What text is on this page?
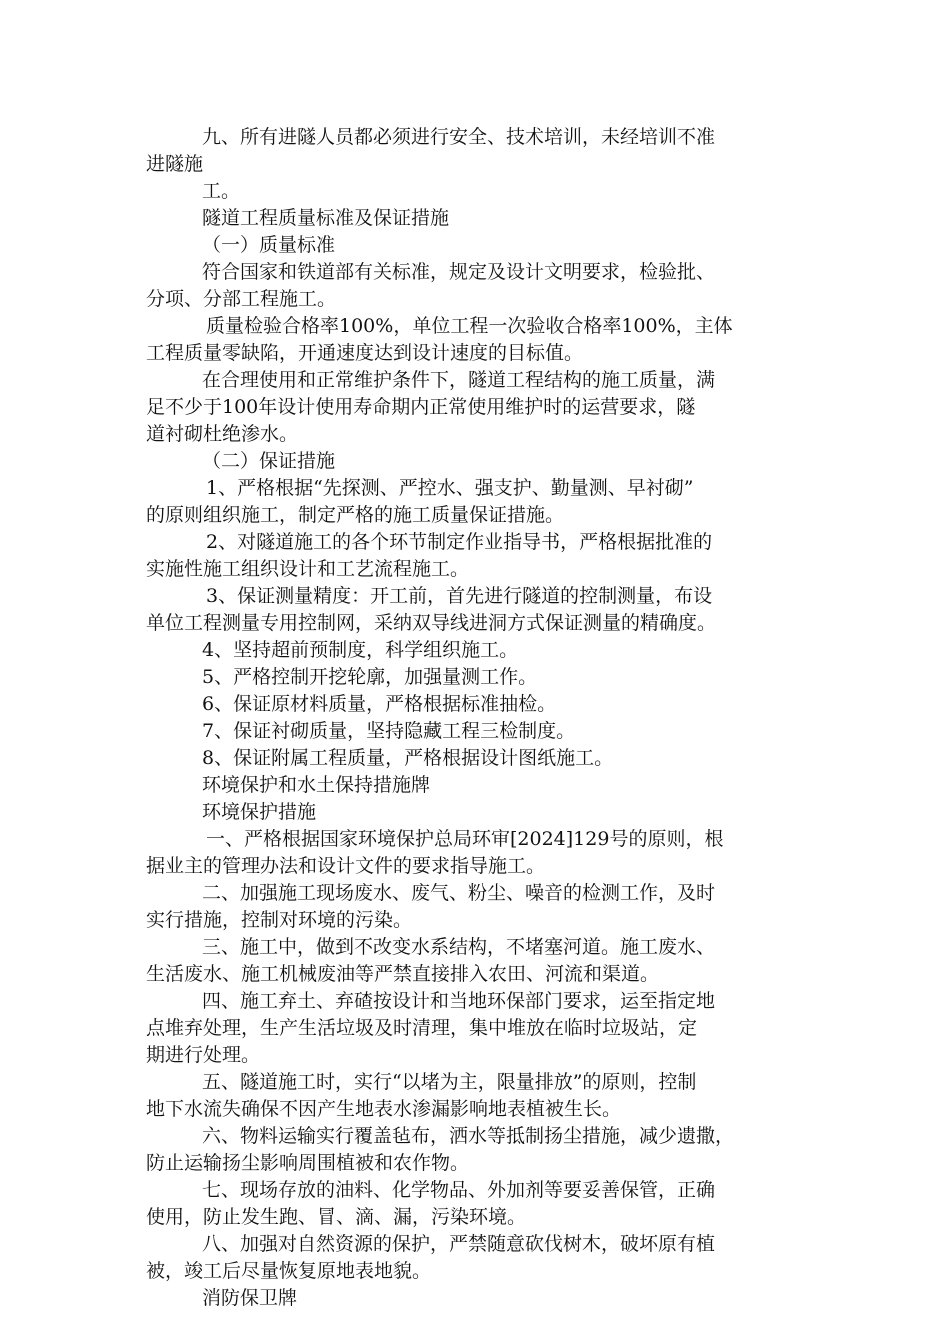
九、所有进隧人员都必须进行安全、技术培训，未经培训不准
进隧施
工。
隧道工程质量标准及保证措施
（一）质量标准
符合国家和铁道部有关标准，规定及设计文明要求，检验批、
分项、分部工程施工。
质量检验合格率100%，单位工程一次验收合格率100%，主体
工程质量零缺陷，开通速度达到设计速度的目标值。
在合理使用和正常维护条件下，隧道工程结构的施工质量，满
足不少于100年设计使用寿命期内正常使用维护时的运营要求，隧
道衬砌杜绝渗水。
（二）保证措施
1、严格根据“先探测、严控水、强支护、勤量测、早衬砌”
的原则组织施工，制定严格的施工质量保证措施。
2、对隧道施工的各个环节制定作业指导书，严格根据批准的
实施性施工组织设计和工艺流程施工。
3、保证测量精度：开工前，首先进行隧道的控制测量，布设
单位工程测量专用控制网，采纳双导线进洞方式保证测量的精确度。
4、坚持超前预制度，科学组织施工。
5、严格控制开挖轮廓，加强量测工作。
6、保证原材料质量，严格根据标准抽检。
7、保证衬砌质量，坚持隐藏工程三检制度。
8、保证附属工程质量，严格根据设计图纸施工。
环境保护和水土保持措施牌
环境保护措施
一、严格根据国家环境保护总局环审[2024]129号的原则，根
据业主的管理办法和设计文件的要求指导施工。
二、加强施工现场废水、废气、粉尘、噪音的检测工作，及时
实行措施，控制对环境的污染。
三、施工中，做到不改变水系结构，不堵塞河道。施工废水、
生活废水、施工机械废油等严禁直接排入农田、河流和渠道。
四、施工弃土、弃碴按设计和当地环保部门要求，运至指定地
点堆弃处理，生产生活垃圾及时清理，集中堆放在临时垃圾站，定
期进行处理。
五、隧道施工时，实行“以堵为主，限量排放”的原则，控制
地下水流失确保不因产生地表水渗漏影响地表植被生长。
六、物料运输实行覆盖毡布，洒水等抵制扬尘措施，减少遗撒，
防止运输扬尘影响周围植被和农作物。
七、现场存放的油料、化学物品、外加剂等要妥善保管，正确
使用，防止发生跑、冒、滴、漏，污染环境。
八、加强对自然资源的保护，严禁随意砍伐树木，破坏原有植
被，竣工后尽量恢复原地表地貌。
消防保卫牌
